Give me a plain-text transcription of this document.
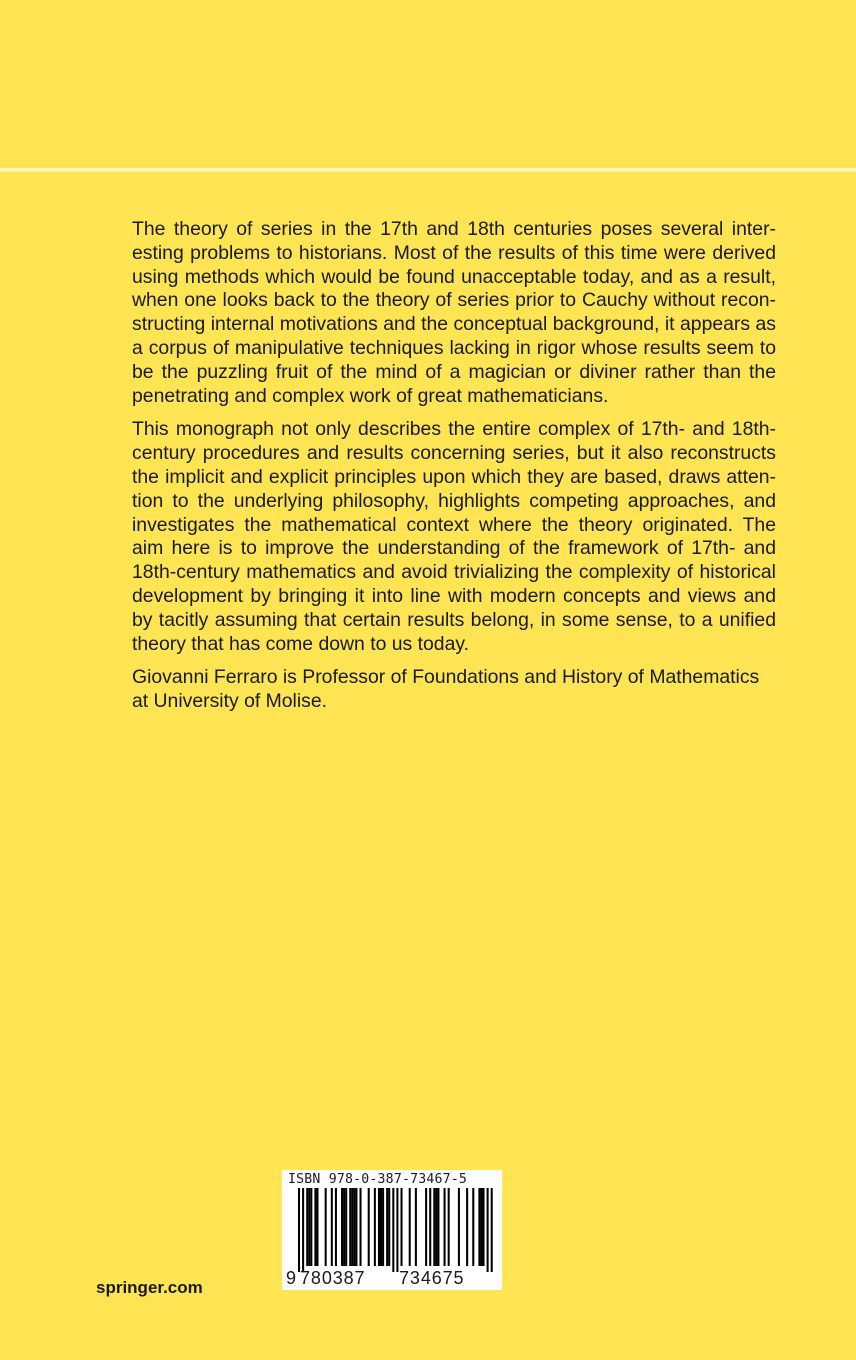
The theory of series in the 17th and 18th centuries poses several interesting problems to historians. Most of the results of this time were derived using methods which would be found unacceptable today, and as a result, when one looks back to the theory of series prior to Cauchy without reconstructing internal motivations and the conceptual background, it appears as a corpus of manipulative techniques lacking in rigor whose results seem to be the puzzling fruit of the mind of a magician or diviner rather than the penetrating and complex work of great mathematicians.

This monograph not only describes the entire complex of 17th- and 18th-century procedures and results concerning series, but it also reconstructs the implicit and explicit principles upon which they are based, draws attention to the underlying philosophy, highlights competing approaches, and investigates the mathematical context where the theory originated. The aim here is to improve the understanding of the framework of 17th- and 18th-century mathematics and avoid trivializing the complexity of historical development by bringing it into line with modern concepts and views and by tacitly assuming that certain results belong, in some sense, to a unified theory that has come down to us today.

Giovanni Ferraro is Professor of Foundations and History of Mathematics at University of Molise.

springer.com
ISBN 978-0-387-73467-5
9 780387 734675
